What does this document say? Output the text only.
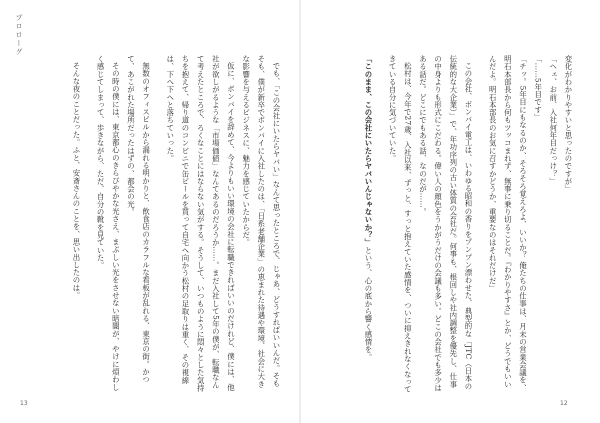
プロローグ

でも、「この会社にいたらヤバい」なんて思ったところで、じゃあ、どうすればいいんだ。そもそも、僕が新卒でボンバイに入社したのは、「日系老舗企業」の恵まれた待遇や環境、社会に大きな影響を与えるビジネスに、魅力を感じていたからだ。

仮に、ボンバイを辞めて、今よりもいい環境の会社に転職できればいいのだけれど、僕には、他社が欲しがるような「市場価値」なんてあるのだろうか……。まだ入社して5年の僕が、転職なんて考えたところで、ろくなことにはならない気がする。そうして、いつものように悶々とした気持ちを抱えて、帰り道のコンビニで缶ビールを買って自宅へ向かう松村の足取りは重く、その視線は、下へ下へと落ちていった。

無数のオフィスビルから漏れる明かりと、飲食店のカラフルな看板が乱れる、東京の街。かつて、あこがれた場所だったはずの、都会の光。

その時の僕には、東京都心のきらびやかな光さえ、まぶしい光をさせない暗闇が、やけに煩わしく感じてしまって、歩きながら、ただ、自分の靴を見ていた。

そんな夜のことだった。ふと、安斎さんのことを、思い出したのは。	変化がわかりやすいと思ったのですが」

「ヘェ、お前、入社何年目だっけ？」

「……5年目です」

「チッ。5年目にもなるのか、そろそろ覚えろよ、いいか？ 俺たちの仕事は、月末の営業会議を、明石本部長から何もツッコまれず、無事に乗り切ることだ。『わかりやすさ』とか、どうでもいいんだよ。明石本部長のお気に召すかどうか、重要なのはそれだけだ」

この会社、ボンバイ電工は、いわゆる昭和の香りをプンプン漂わせた、典型的な「JTC（日本の伝統的な大企業）」で、年功序列の古い体質の会社だ。何事も、根回しや社内調整を優先し、仕事の中身よりも形式にこだわる。偉い人の顔色をうかがうだけの会議も多い。どこの会社でも多少はある話だ。どこにでもある話、なのだが……。

松村は、今年で27歳、入社以来、ずっと、すっと抱えていた感情を、ついに抑えきれなくなってきている自分に気づいていた。

「このまま、この会社にいたらヤバいんじゃないか？」という、心の底から響く感情を。

13	12
